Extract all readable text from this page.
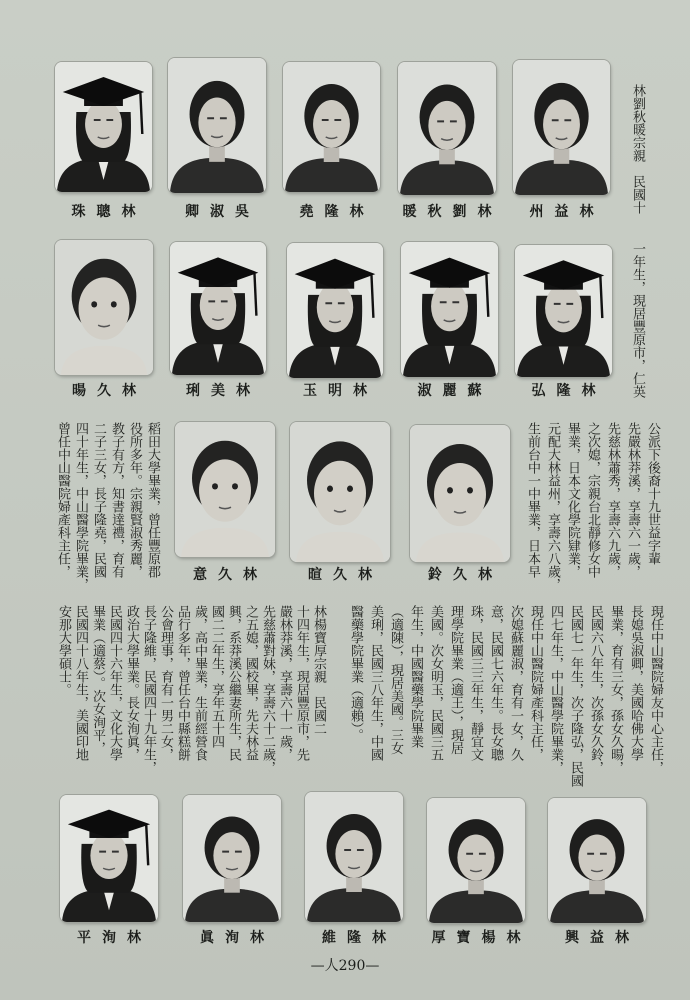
珠聰林	卿淑吳	堯隆林	暖秋劉林	州益林	林劉秋暖宗親　民國十
暘久林	琍美林	玉明林	淑麗蘇	弘隆林	一年生，現居豐原市，仁英
稻田大學畢業，曾任豐原郡
役所多年。宗親賢淑秀麗，
教子有方，知書達禮，育有
二子三女，長子隆堯，民國
四十年生，中山醫學院畢業，
曾任中山醫院婦產科主任，	意久林	暄久林	鈴久林
公派下後裔十九世益字輩
先嚴林莽溪，享壽六一歲，
先慈林蕭秀，享壽六九歲，
之次媳，宗親台北靜修女中
畢業，日本文化學院肄業，
元配大林益州，享壽六八歲，
生前台中一中畢業，日本早
現任中山醫院婦友中心主任，
長媳吳淑卿，美國哈佛大學
畢業，育有三女，孫女久暘，
民國六八年生，次孫女久鈴，
民國七一年生，次子隆弘，民國
四七年生，中山醫學院畢業，
現任中山醫院婦產科主任，
次媳蘇麗淑，育有一女，久
意，民國七六年生。長女聰
珠，民國三三年生，靜宜文
理學院畢業（適王），現居
美國。次女明玉，民國三五
年生，中國醫藥學院畢業
（適陳），現居美國。三女
美琍，民國三八年生，中國
醫藥學院畢業（適賴）。
林楊寶厚宗親　民國二
十四年生，現居豐原市，先
嚴林莽溪，享壽六十一歲，
先慈蕭對妹，享壽六十二歲，
之五媳，國校畢，先夫林益
興，系莽溪公繼妻所生，民
國二二年生，享年五十四
歲，高中畢業，生前經營食
品行多年，曾任台中縣糕餅
公會理事，育有一男二女，
長子隆維，民國四十九年生，
政治大學畢業。長女洵眞，
民國四十六年生，文化大學
畢業（適蔡）。次女洵平，
民國四十八年生，美國印地
安那大學碩士。
平洵林	眞洵林	維隆林	厚寶楊林	興益林
—人290—
